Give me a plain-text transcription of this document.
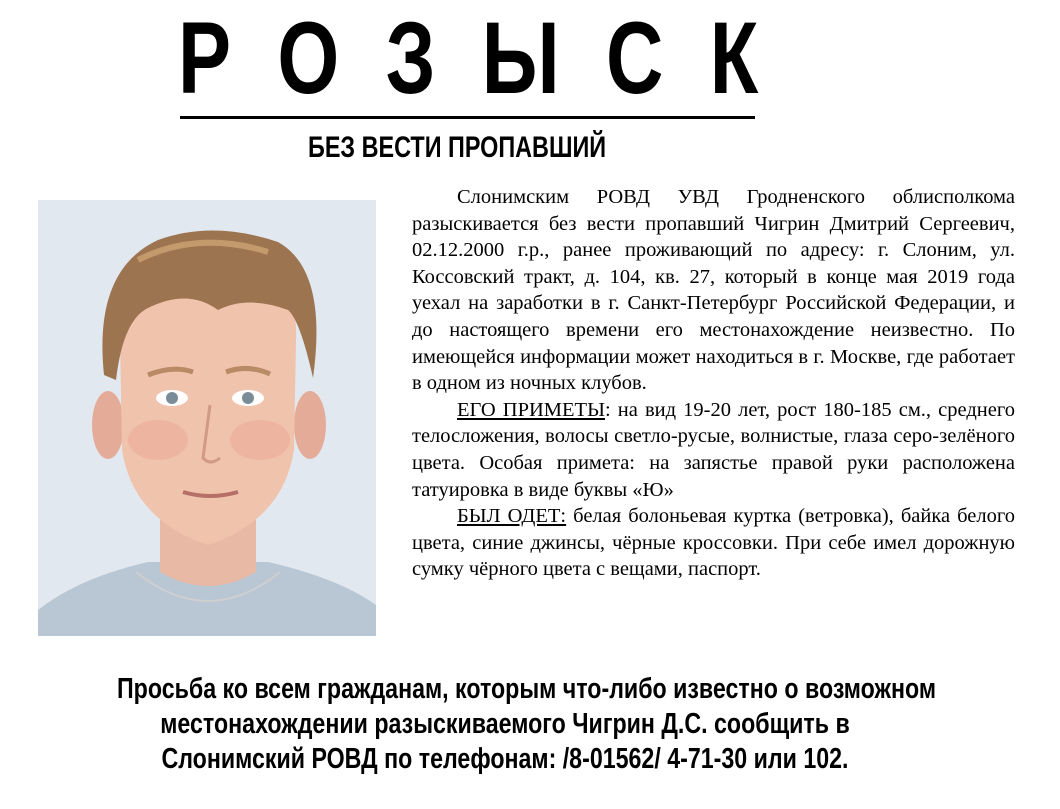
Р О З Ы С К
БЕЗ ВЕСТИ ПРОПАВШИЙ

Слонимским РОВД УВД Гродненского облисполкома разыскивается без вести пропавший Чигрин Дмитрий Сергеевич, 02.12.2000 г.р., ранее проживающий по адресу: г. Слоним, ул. Коссовский тракт, д. 104, кв. 27, который в конце мая 2019 года уехал на заработки в г. Санкт-Петербург Российской Федерации, и до настоящего времени его местонахождение неизвестно. По имеющейся информации может находиться в г. Москве, где работает в одном из ночных клубов.

ЕГО ПРИМЕТЫ: на вид 19-20 лет, рост 180-185 см., среднего телосложения, волосы светло-русые, волнистые, глаза серо-зелёного цвета. Особая примета: на запястье правой руки расположена татуировка в виде буквы «Ю»

БЫЛ ОДЕТ: белая болоньевая куртка (ветровка), байка белого цвета, синие джинсы, чёрные кроссовки. При себе имел дорожную сумку чёрного цвета с вещами, паспорт.

Просьба ко всем гражданам, которым что-либо известно о возможном
местонахождении разыскиваемого Чигрин Д.С. сообщить в
Слонимский РОВД по телефонам: /8-01562/ 4-71-30 или 102.
